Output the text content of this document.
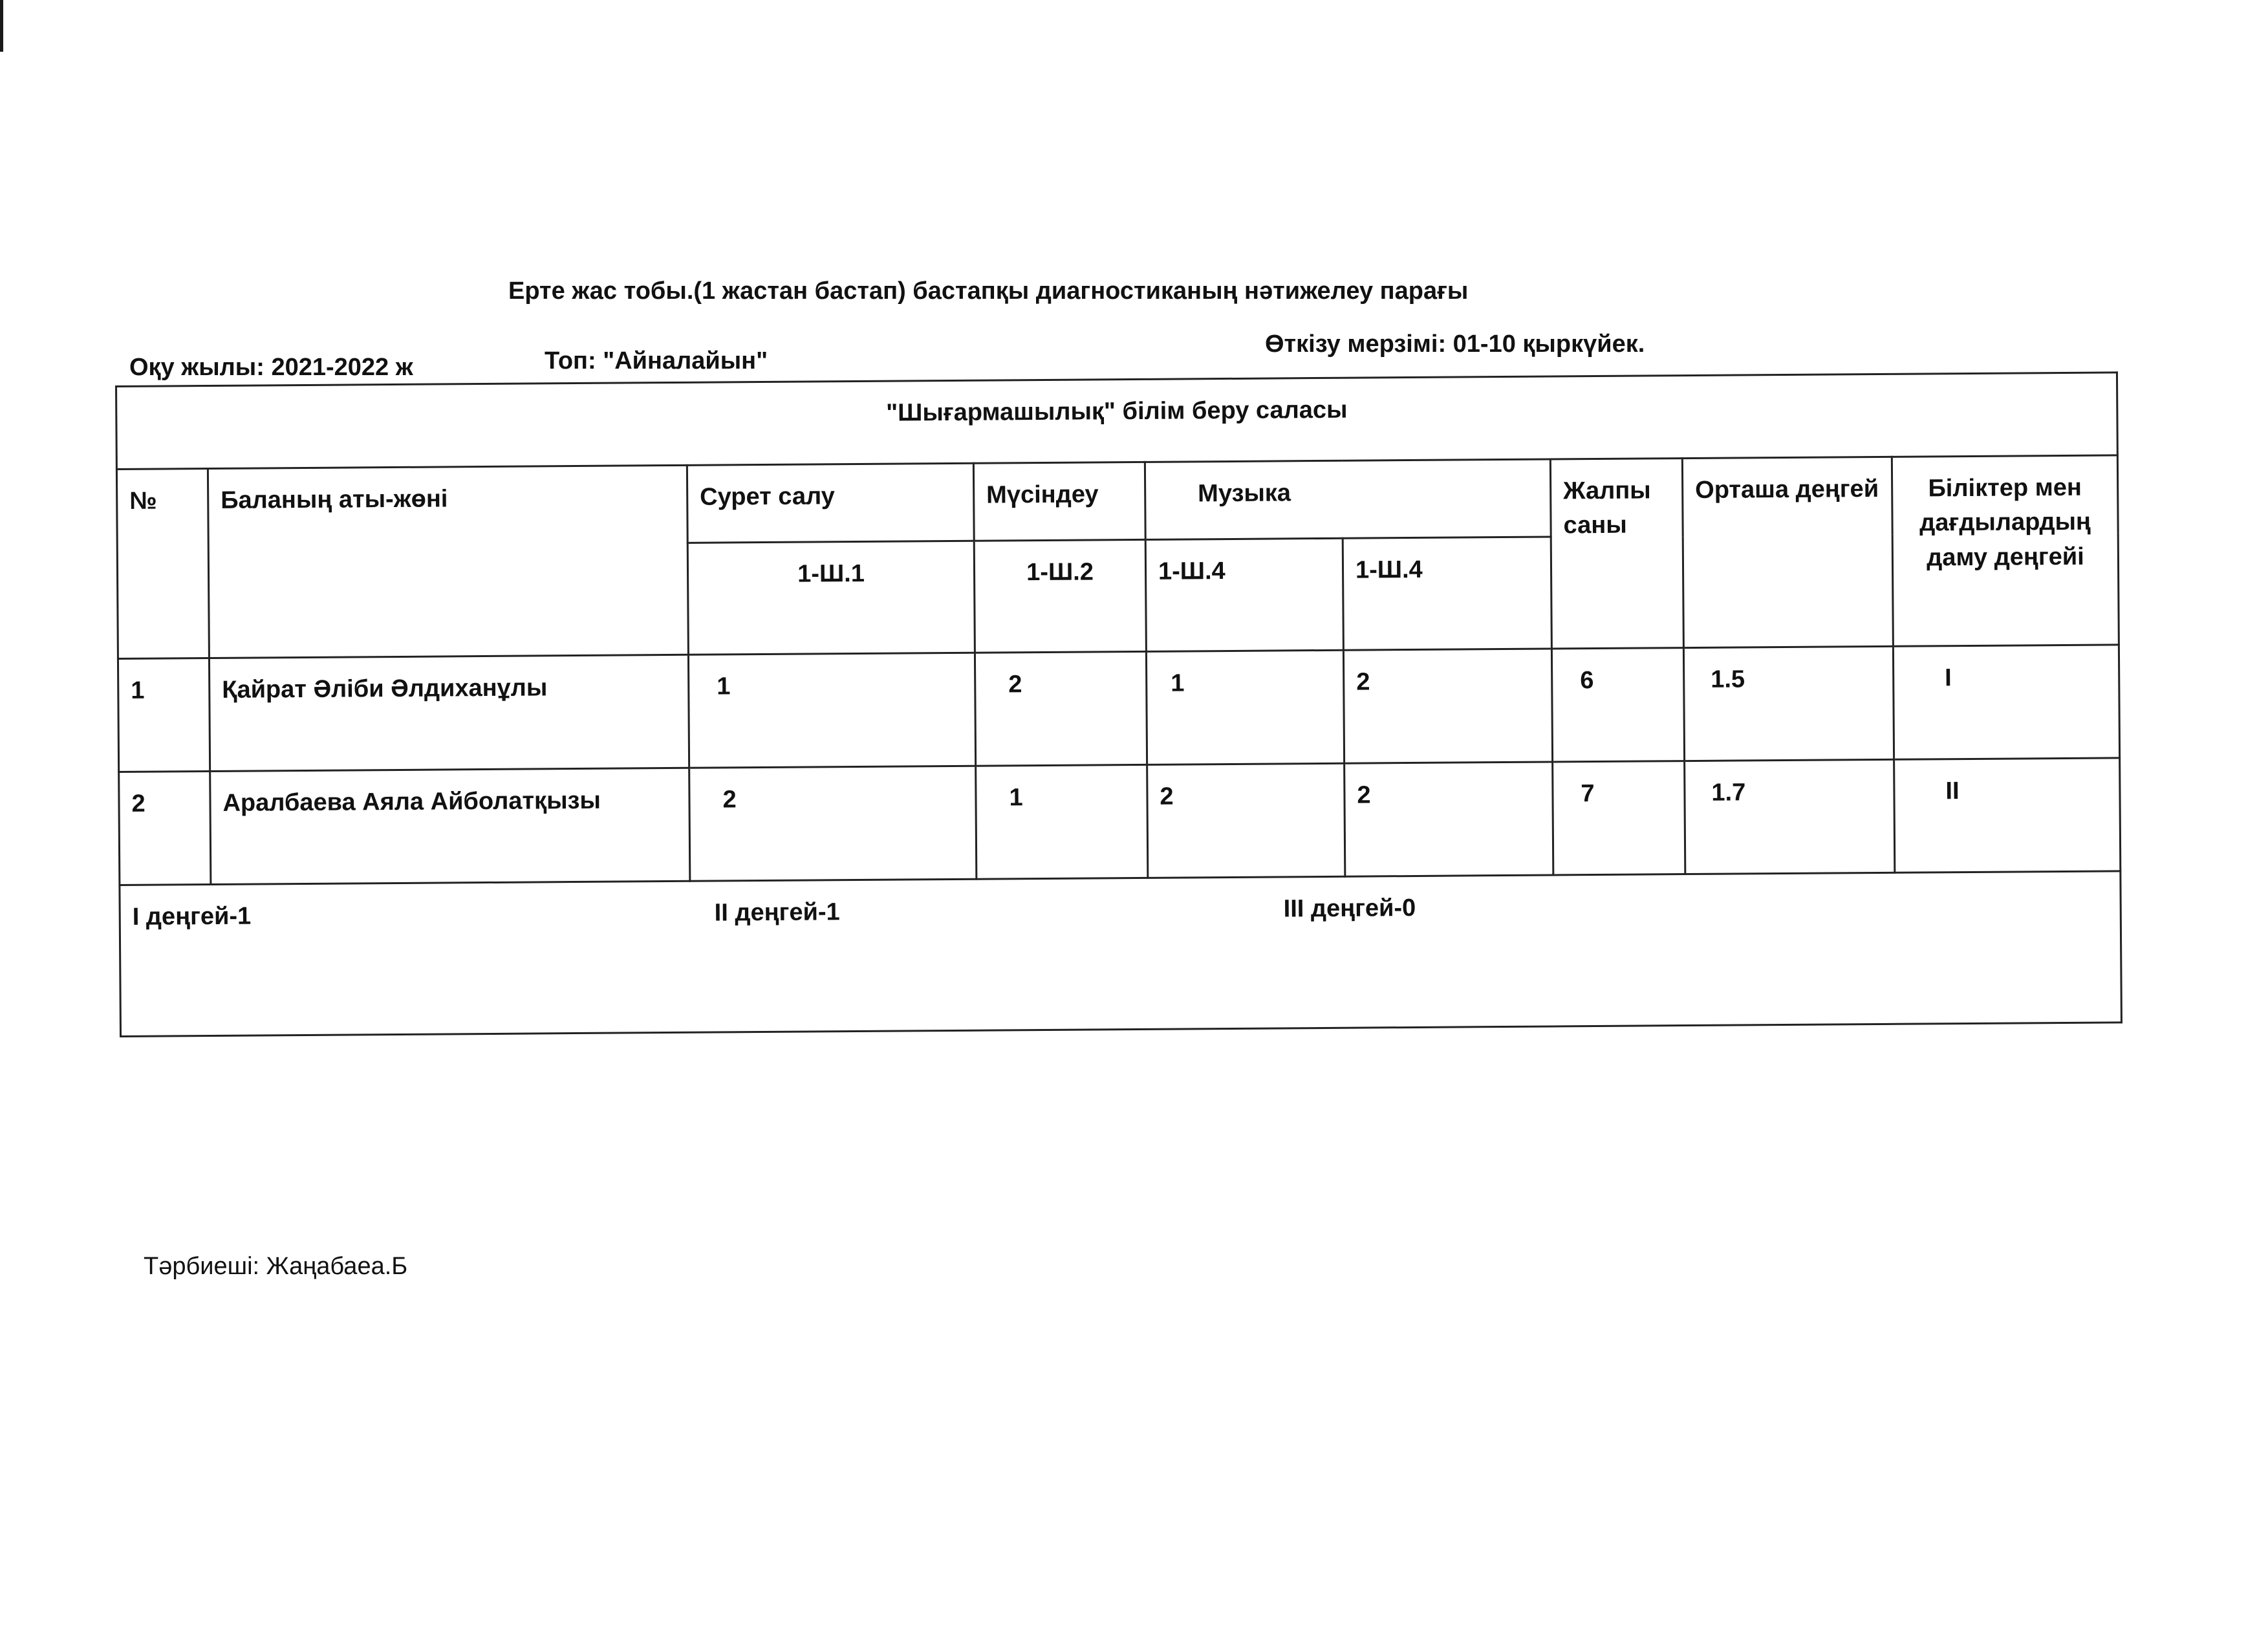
Ерте жас тобы.(1 жастан бастап) бастапқы диагностиканың нәтижелеу парағы
Оқу жылы: 2021-2022 ж	Топ: "Айналайын"
Өткізу мерзімі: 01-10 қыркүйек.
"Шығармашылық" білім беру саласы								
№	Баланың аты-жөні	Сурет салу	Мүсіндеу	Музыка		Жалпы саны	Орташа деңгей	Біліктер мен дағдылардың даму деңгейі
		1-Ш.1	1-Ш.2	1-Ш.4	1-Ш.4			
1	Қайрат Әліби Әлдиханұлы	1	2	1	2	6	1.5	I
2	Аралбаева Аяла Айболатқызы	2	1	2	2	7	1.7	II

I деңгей-1 II деңгей-1 III деңгей-0								
Тәрбиеші: Жаңабаеа.Б
